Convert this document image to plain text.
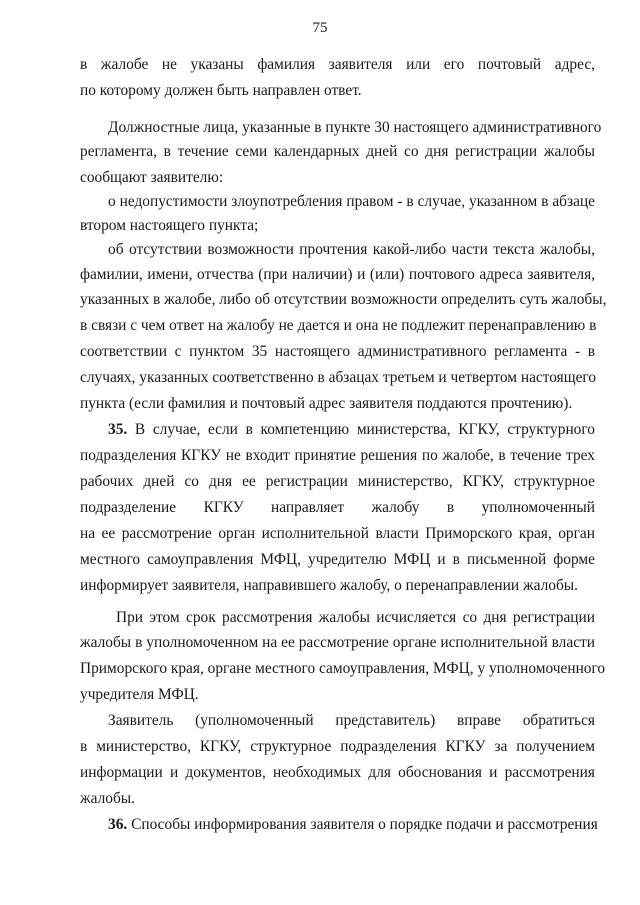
75
в жалобе не указаны фамилия заявителя или его почтовый адрес,
по которому должен быть направлен ответ.
Должностные лица, указанные в пункте 30 настоящего административного
регламента, в течение семи календарных дней со дня регистрации жалобы
сообщают заявителю:
о недопустимости злоупотребления правом - в случае, указанном в абзаце
втором настоящего пункта;
об отсутствии возможности прочтения какой-либо части текста жалобы,
фамилии, имени, отчества (при наличии) и (или) почтового адреса заявителя,
указанных в жалобе, либо об отсутствии возможности определить суть жалобы,
в связи с чем ответ на жалобу не дается и она не подлежит перенаправлению в
соответствии с пунктом 35 настоящего административного регламента - в
случаях, указанных соответственно в абзацах третьем и четвертом настоящего
пункта (если фамилия и почтовый адрес заявителя поддаются прочтению).
35. В случае, если в компетенцию министерства, КГКУ, структурного
подразделения КГКУ не входит принятие решения по жалобе, в течение трех
рабочих дней со дня ее регистрации министерство, КГКУ, структурное
подразделение КГКУ направляет жалобу в уполномоченный
на ее рассмотрение орган исполнительной власти Приморского края, орган
местного самоуправления МФЦ, учредителю МФЦ и в письменной форме
информирует заявителя, направившего жалобу, о перенаправлении жалобы.
При этом срок рассмотрения жалобы исчисляется со дня регистрации
жалобы в уполномоченном на ее рассмотрение органе исполнительной власти
Приморского края, органе местного самоуправления, МФЦ, у уполномоченного
учредителя МФЦ.
Заявитель (уполномоченный представитель) вправе обратиться
в министерство, КГКУ, структурное подразделения КГКУ за получением
информации и документов, необходимых для обоснования и рассмотрения
жалобы.
36. Способы информирования заявителя о порядке подачи и рассмотрения
